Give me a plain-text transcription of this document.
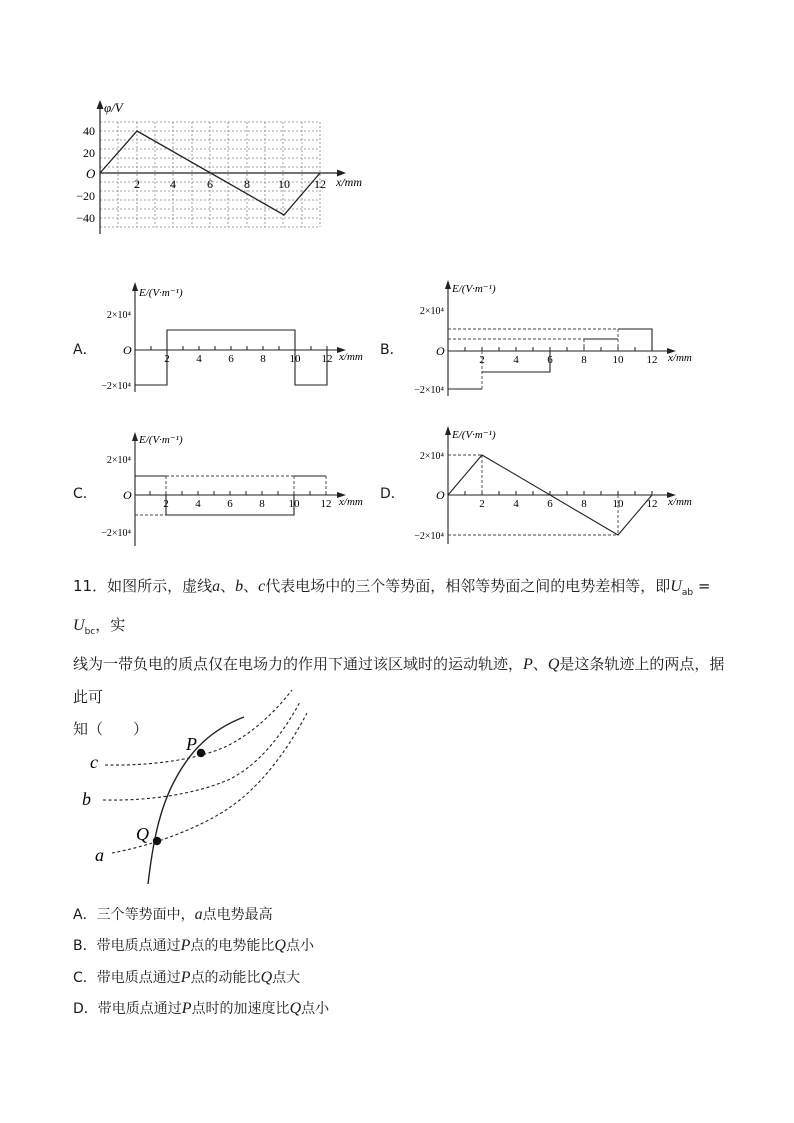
φ/V
O
40
20
−20
−40
2	4	6	8 10 12 x/mm
A．
E/(V·m⁻¹)
2×10⁴
−2×10⁴
O
2 4 6 8 10 12 x/mm B．
E/(V·m⁻¹)
2×10⁴
−2×10⁴
O
2	4	6	8 10 12 x/mm
C．
E/(V·m⁻¹)
2×10⁴
−2×10⁴
O
2 4 6 8 10 12 x/mm D．
E/(V·m⁻¹)
2×10⁴
−2×10⁴
O
2	4	6	8 10 12 x/mm
11．如图所示，虚线a、b、c代表电场中的三个等势面，相邻等势面之间的电势差相等，即$U_{ab} = U_{bc}$，实
线为一带负电的质点仅在电场力的作用下通过该区域时的运动轨迹，P、Q是这条轨迹上的两点，据此可
知（　　）
c
b
a
P
Q
A．三个等势面中，a点电势最高
B．带电质点通过P点的电势能比Q点小
C．带电质点通过P点的动能比Q点大
D．带电质点通过P点时的加速度比Q点小
